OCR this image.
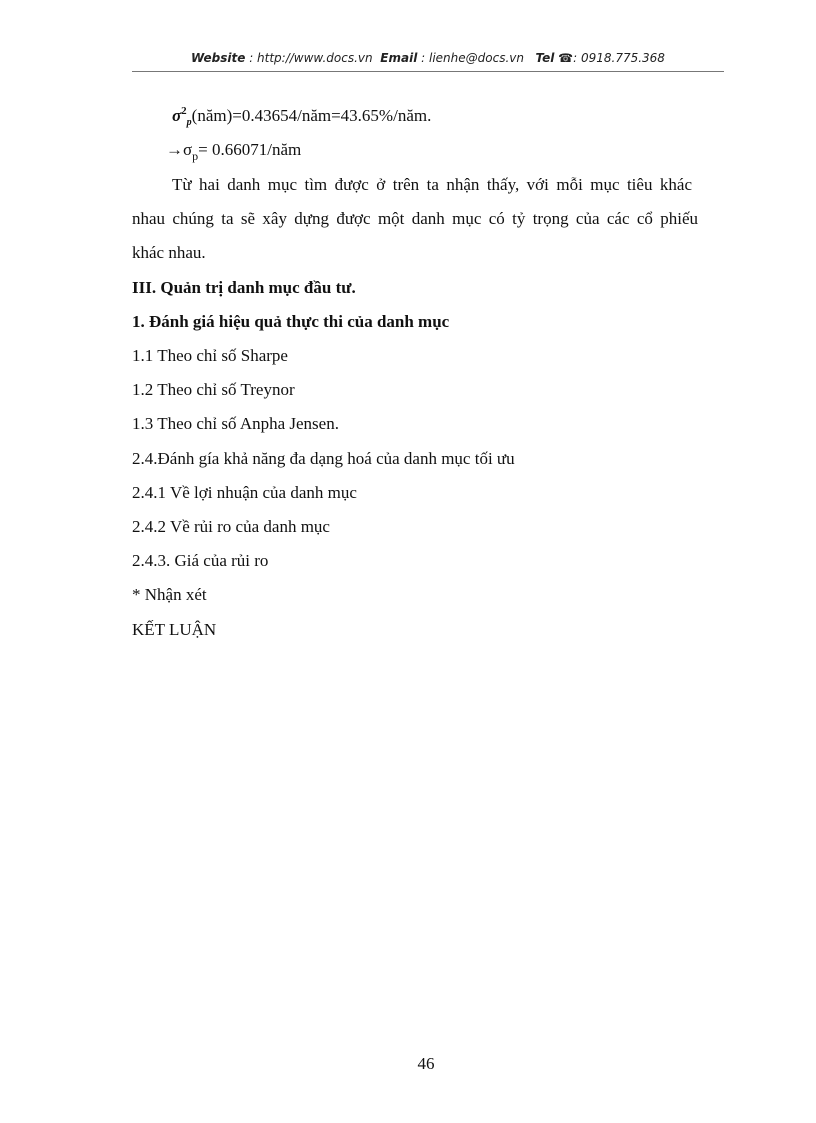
Website : http://www.docs.vn Email : lienhe@docs.vn Tel ☎: 0918.775.368
$\sigma^2_p(năm)=0.43654/năm=43.65\%$/năm.
$\to\sigma_p=$ 0.66071/năm
Từ hai danh mục tìm được ở trên ta nhận thấy, với mỗi mục tiêu khác
nhau chúng ta sẽ xây dựng được một danh mục có tỷ trọng của các cổ phiếu
khác nhau.
III. Quản trị danh mục đầu tư.
1. Đánh giá hiệu quả thực thi của danh mục
1.1 Theo chỉ số Sharpe
1.2 Theo chỉ số Treynor
1.3 Theo chỉ số Anpha Jensen.
2.4.Đánh gía khả năng đa dạng hoá của danh mục tối ưu
2.4.1 Về lợi nhuận của danh mục
2.4.2 Về rủi ro của danh mục
2.4.3. Giá của rủi ro
* Nhận xét
KẾT LUẬN
46
